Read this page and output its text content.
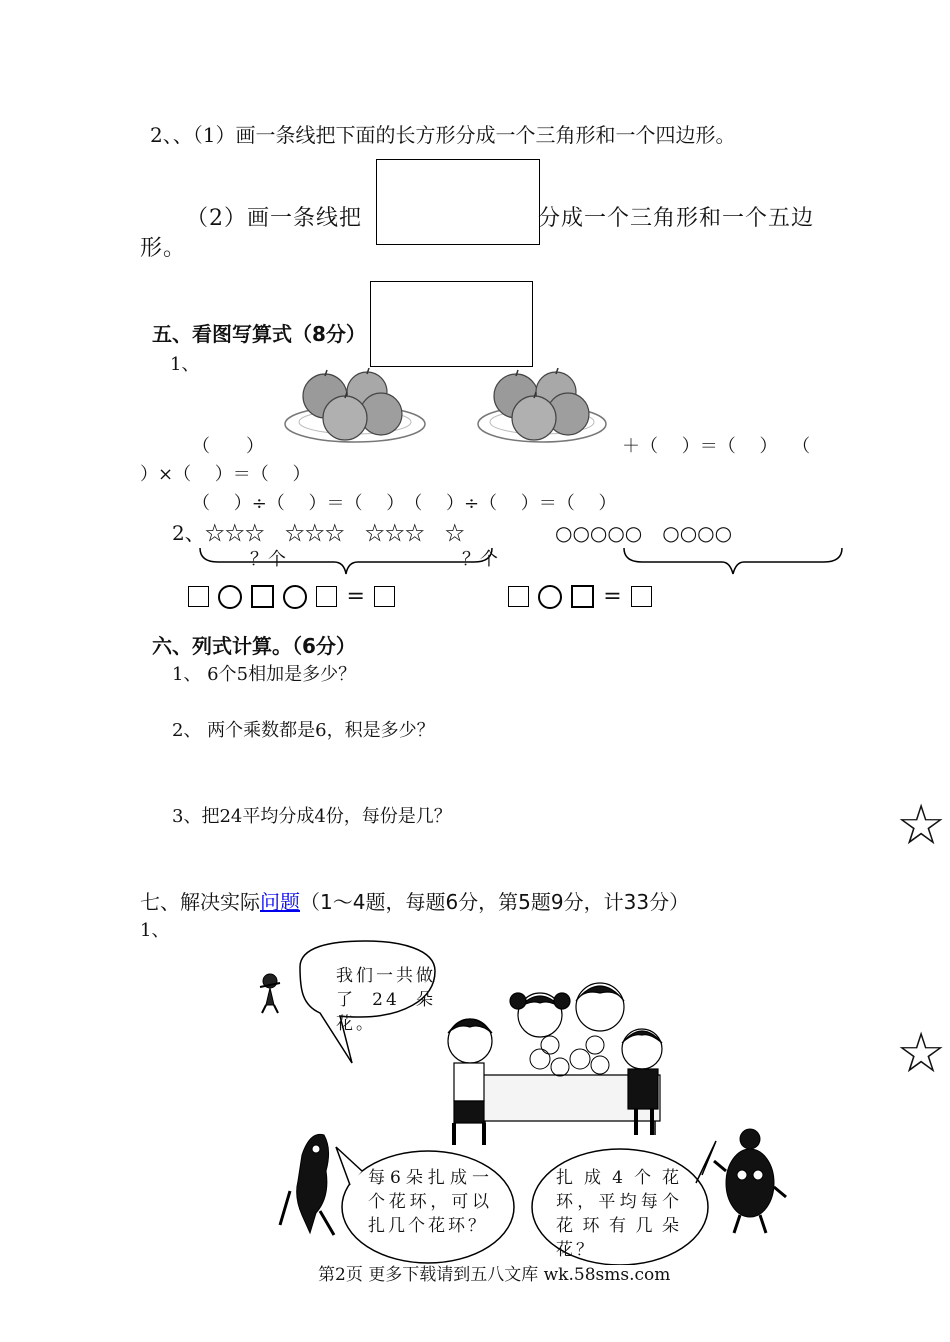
2、、（1）画一条线把下面的长方形分成一个三角形和一个四边形。
（2）画一条线把	分成一个三角形和一个五边
形。
五、看图写算式（8分）
1、
（　　）	＋（　 ）＝（　 ）　 （
）×（　 ）＝（　 ）
（　 ）÷（　 ）＝（　 ）　（　 ）÷（　 ）＝（　 ）
2、☆☆☆　☆☆☆　☆☆☆　☆	○○○○○　○○○○
？个	？个
=	=
六、列式计算。（6分）
1、 6个5相加是多少？
2、 两个乘数都是6，积是多少？
3、把24平均分成4份，每份是几？	☆
☆
七、解决实际问题（1～4题，每题6分，第5题9分，计33分）
1、
我们一共做了24朵花。
每6朵扎成一个花环，可以扎几个花环？
扎成4个花环，平均每个花环有几朵花？
第2页 更多下载请到五八文库 wk.58sms.com
